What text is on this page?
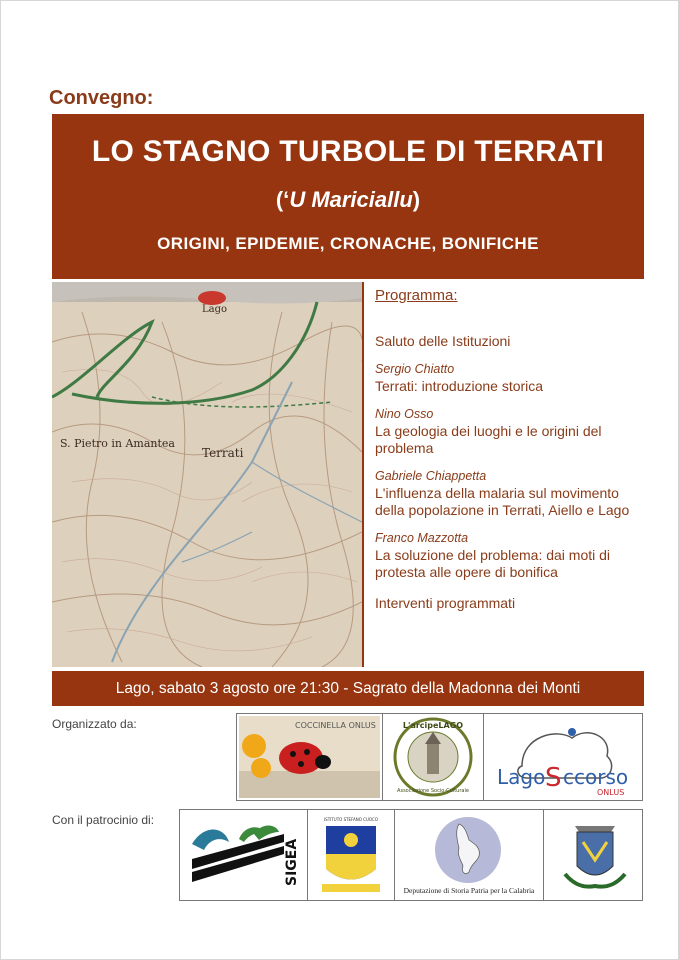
Convegno:
LO STAGNO TURBOLE DI TERRATI
(‘U Mariciallu)
ORIGINI, EPIDEMIE, CRONACHE, BONIFICHE
S. Pietro in Amantea
Terrati
Lago
Programma:
Saluto delle Istituzioni
Sergio Chiatto
Terrati: introduzione storica
Nino Osso
La geologia dei luoghi e le origini del problema
Gabriele Chiappetta
L'influenza della malaria sul movimento della popolazione in Terrati, Aiello e Lago
Franco Mazzotta
La soluzione del problema: dai moti di protesta alle opere di bonifica
Interventi programmati
Lago, sabato 3 agosto ore 21:30 - Sagrato della Madonna dei Monti
Organizzato da:	COCCINELLA ONLUS	L'arcipeLAGO
Associazione Socio-Culturale
Lago S ccorso
ONLUS
Con il patrocinio di:
SIGEA
ISTITUTO STEFANO CUOCO
Deputazione di Storia Patria per la Calabria
